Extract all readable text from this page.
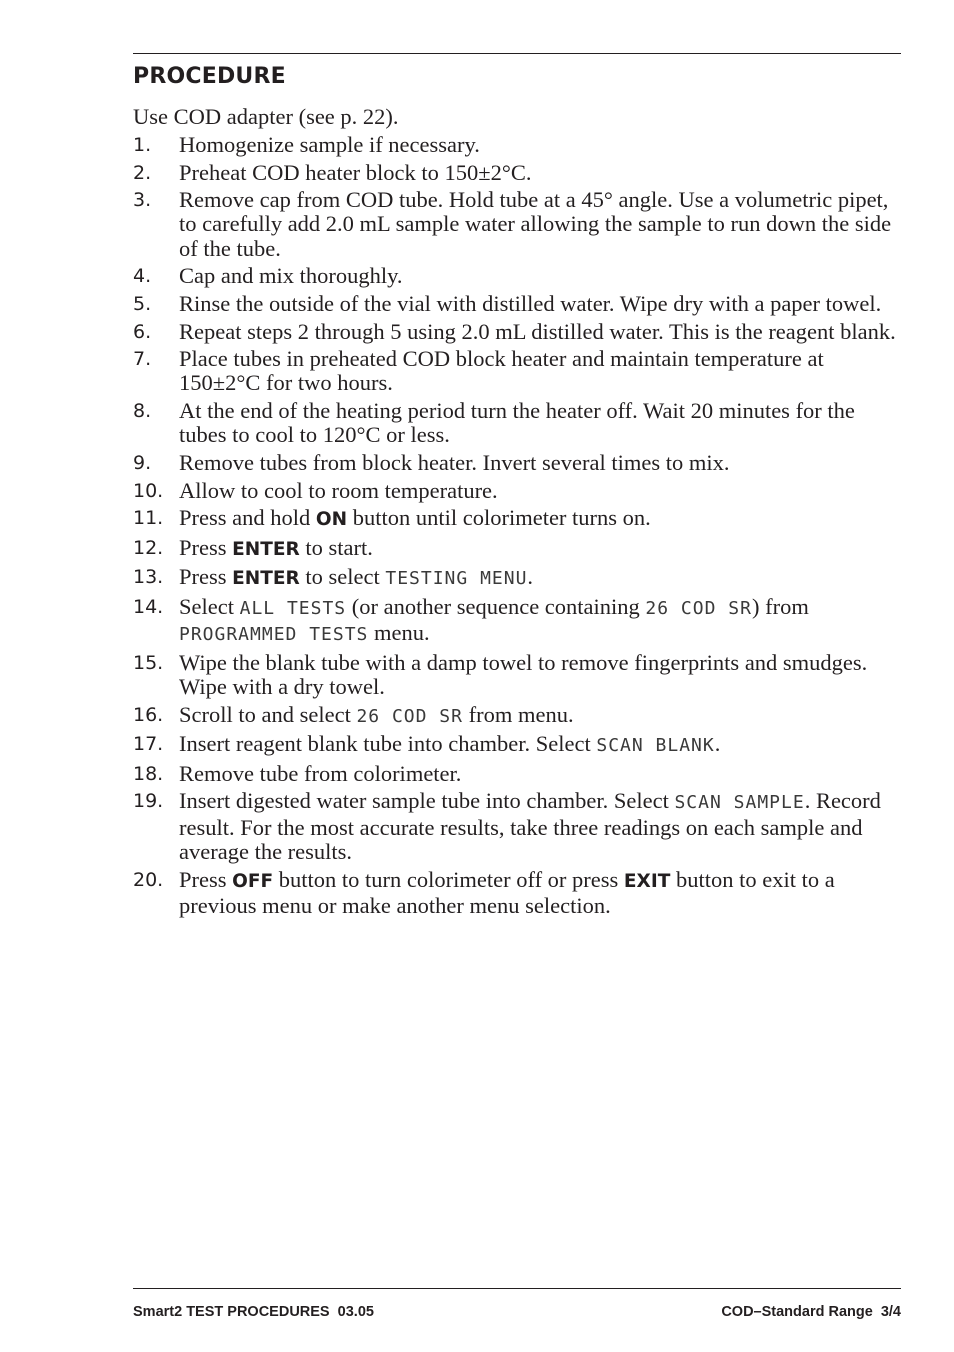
PROCEDURE

Use COD adapter (see p. 22).

1. Homogenize sample if necessary.
2. Preheat COD heater block to 150±2°C.
3. Remove cap from COD tube. Hold tube at a 45° angle. Use a volumetric pipet, to carefully add 2.0 mL sample water allowing the sample to run down the side of the tube.
4. Cap and mix thoroughly.
5. Rinse the outside of the vial with distilled water. Wipe dry with a paper towel.
6. Repeat steps 2 through 5 using 2.0 mL distilled water. This is the reagent blank.
7. Place tubes in preheated COD block heater and maintain temperature at 150±2°C for two hours.
8. At the end of the heating period turn the heater off. Wait 20 minutes for the tubes to cool to 120°C or less.
9. Remove tubes from block heater. Invert several times to mix.
10. Allow to cool to room temperature.
11. Press and hold ON button until colorimeter turns on.
12. Press ENTER to start.
13. Press ENTER to select TESTING MENU.
14. Select ALL TESTS (or another sequence containing 26 COD SR) from PROGRAMMED TESTS menu.
15. Wipe the blank tube with a damp towel to remove fingerprints and smudges. Wipe with a dry towel.
16. Scroll to and select 26 COD SR from menu.
17. Insert reagent blank tube into chamber. Select SCAN BLANK.
18. Remove tube from colorimeter.
19. Insert digested water sample tube into chamber. Select SCAN SAMPLE. Record result. For the most accurate results, take three readings on each sample and average the results.
20. Press OFF button to turn colorimeter off or press EXIT button to exit to a previous menu or make another menu selection.
Smart2 TEST PROCEDURES  03.05	COD–Standard Range  3/4
